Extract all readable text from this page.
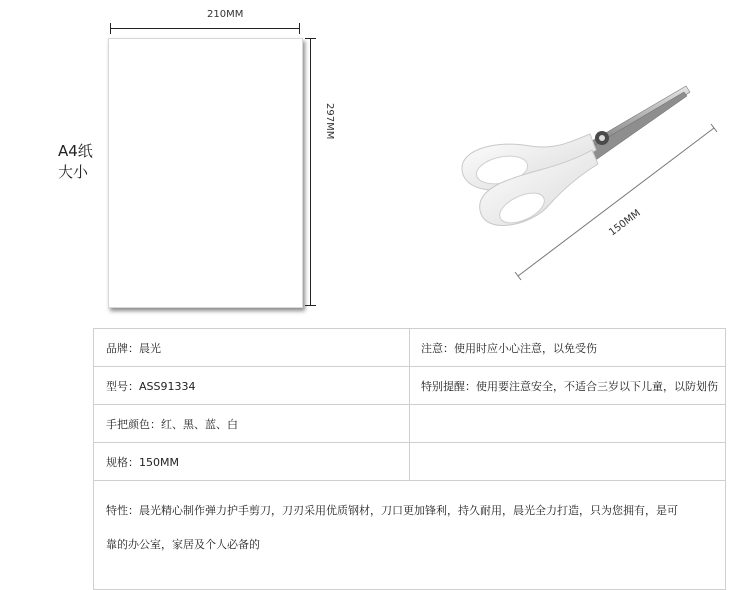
210MM
297MM
A4纸
大小
150MM
品牌：晨光	注意：使用时应小心注意，以免受伤
型号：ASS91334	特别提醒：使用要注意安全，不适合三岁以下儿童，以防划伤
手把颜色：红、黑、蓝、白	
规格：150MM	

特性：晨光精心制作弹力护手剪刀，刀刃采用优质钢材，刀口更加锋利，持久耐用，晨光全力打造，只为您拥有，是可
靠的办公室，家居及个人必备的	
